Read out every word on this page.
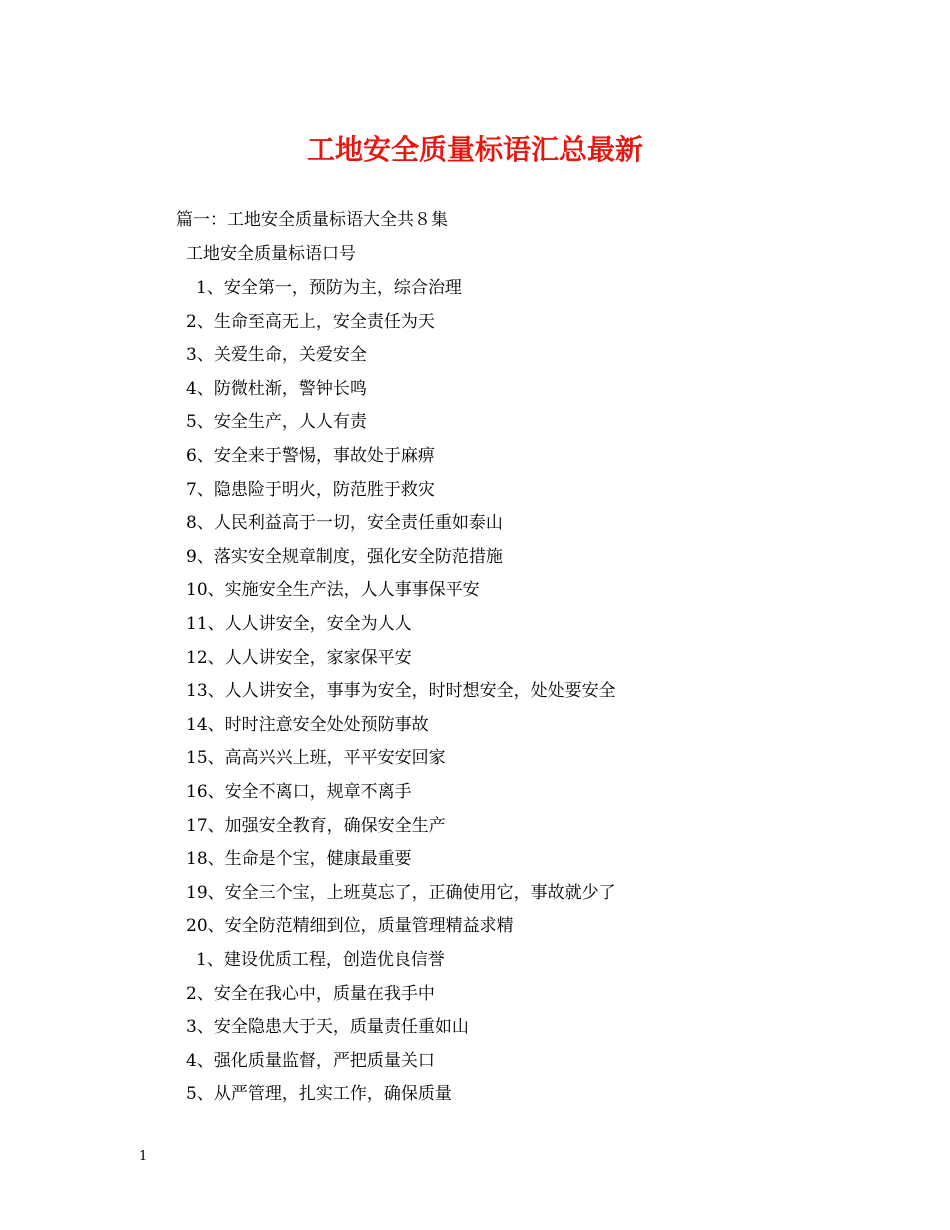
工地安全质量标语汇总最新
篇一：工地安全质量标语大全共８集
工地安全质量标语口号
1、安全第一，预防为主，综合治理
2、生命至高无上，安全责任为天
3、关爱生命，关爱安全
4、防微杜渐，警钟长鸣
5、安全生产，人人有责
6、安全来于警惕，事故处于麻痹
7、隐患险于明火，防范胜于救灾
8、人民利益高于一切，安全责任重如泰山
9、落实安全规章制度，强化安全防范措施
10、实施安全生产法，人人事事保平安
11、人人讲安全，安全为人人
12、人人讲安全，家家保平安
13、人人讲安全，事事为安全，时时想安全，处处要安全
14、时时注意安全处处预防事故
15、高高兴兴上班，平平安安回家
16、安全不离口，规章不离手
17、加强安全教育，确保安全生产
18、生命是个宝，健康最重要
19、安全三个宝，上班莫忘了，正确使用它，事故就少了
20、安全防范精细到位，质量管理精益求精
1、建设优质工程，创造优良信誉
2、安全在我心中，质量在我手中
3、安全隐患大于天，质量责任重如山
4、强化质量监督，严把质量关口
5、从严管理，扎实工作，确保质量
1
